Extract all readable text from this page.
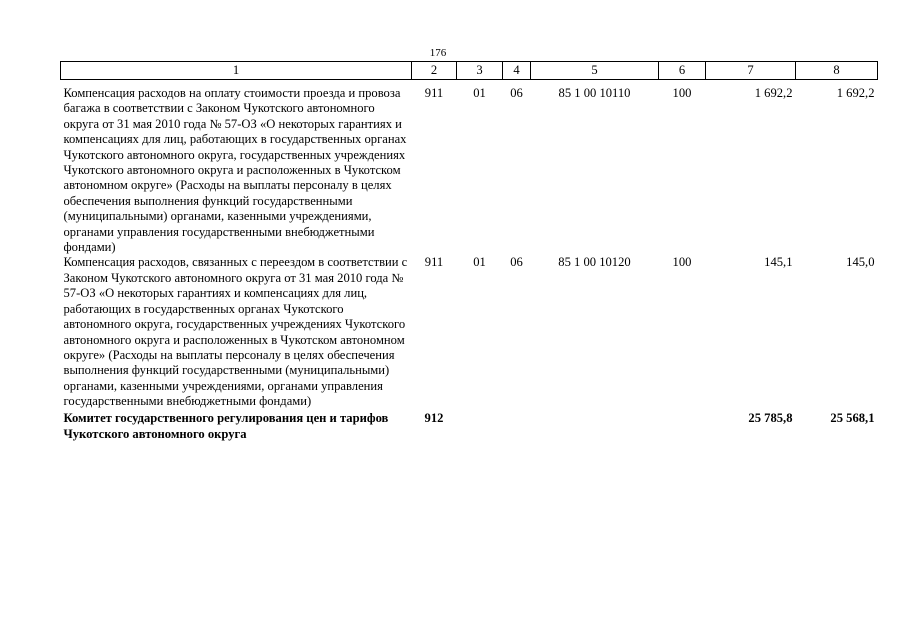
176
1	2	3	4	5	6	7	8
Компенсация расходов на оплату стоимости проезда и провоза багажа в соответствии с Законом Чукотского автономного округа от 31 мая 2010 года № 57-ОЗ «О некоторых гарантиях и компенсациях для лиц, работающих в государственных органах Чукотского автономного округа, государственных учреждениях Чукотского автономного округа и расположенных в Чукотском автономном округе» (Расходы на выплаты персоналу в целях обеспечения выполнения функций государственными (муниципальными) органами, казенными учреждениями, органами управления государственными внебюджетными фондами)	911	01	06	85 1 00 10110	100	1 692,2	1 692,2
Компенсация расходов, связанных с переездом в соответствии с Законом Чукотского автономного округа от 31 мая 2010 года № 57-ОЗ «О некоторых гарантиях и компенсациях для лиц, работающих в государственных органах Чукотского автономного округа, государственных учреждениях Чукотского автономного округа и расположенных в Чукотском автономном округе» (Расходы на выплаты персоналу в целях обеспечения выполнения функций государственными (муниципальными) органами, казенными учреждениями, органами управления государственными внебюджетными фондами)	911	01	06	85 1 00 10120	100	145,1	145,0
Комитет государственного регулирования цен и тарифов Чукотского автономного округа	912					25 785,8	25 568,1
